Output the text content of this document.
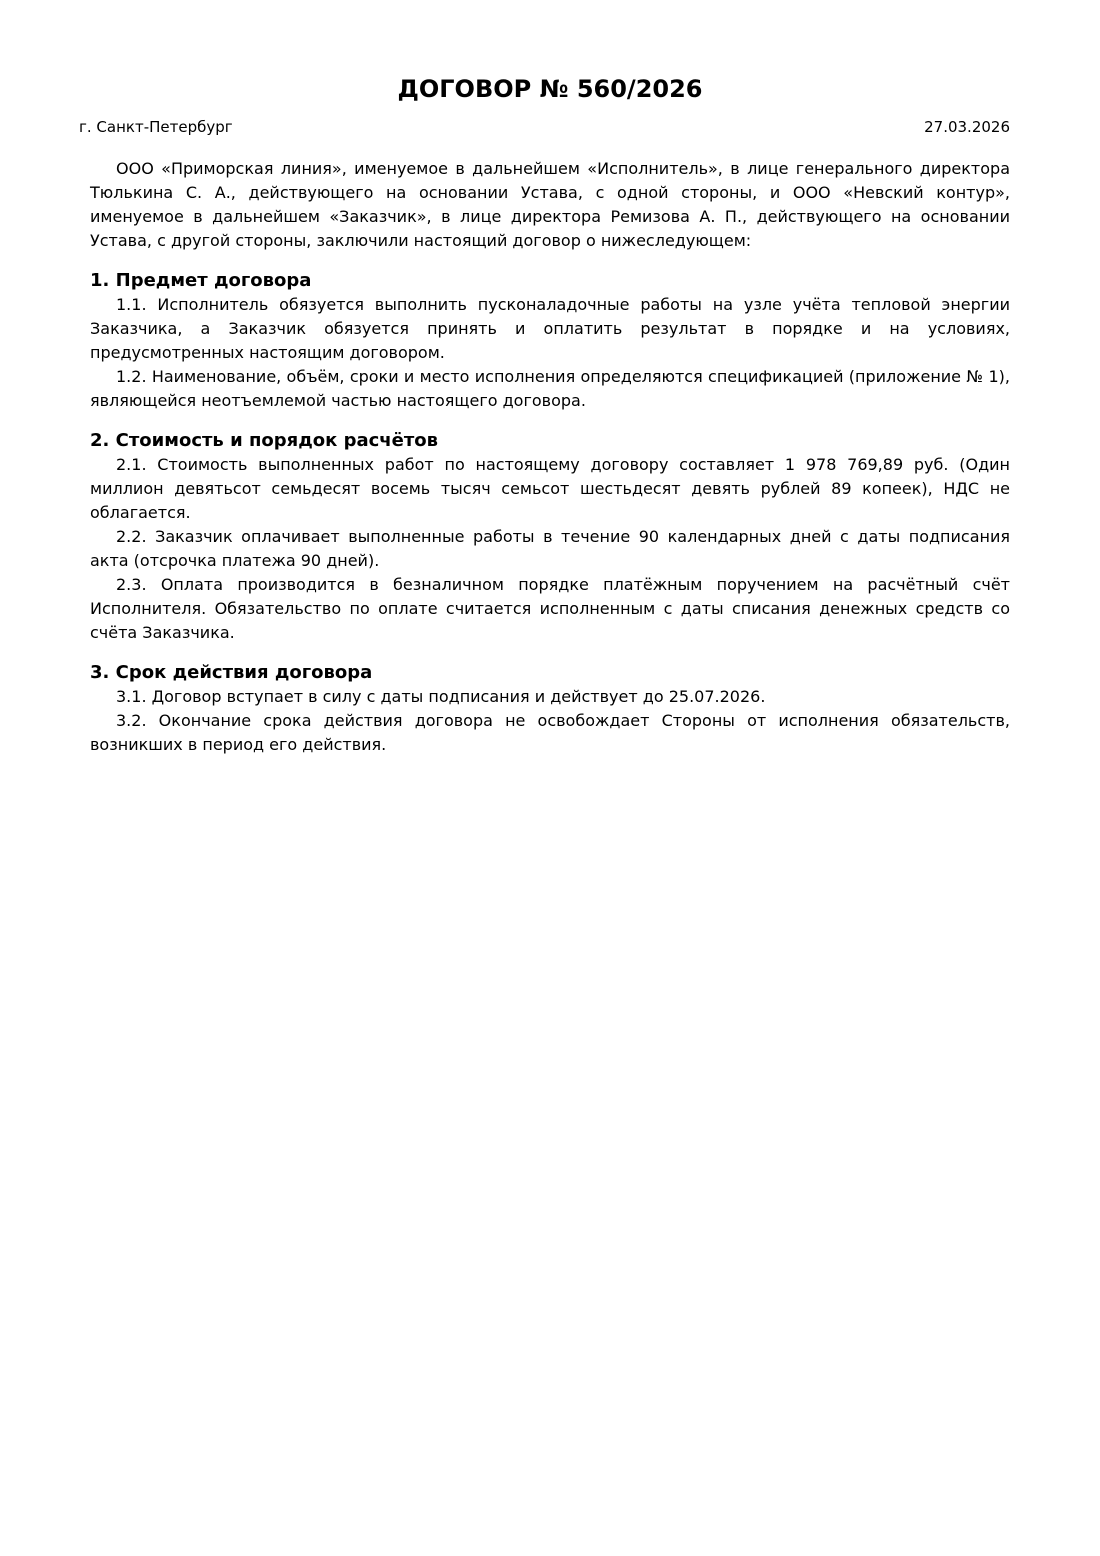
ДОГОВОР № 560/2026
г. Санкт-Петербург	27.03.2026

ООО «Приморская линия», именуемое в дальнейшем «Исполнитель», в лице генерального директора Тюлькина С. А., действующего на основании Устава, с одной стороны, и ООО «Невский контур», именуемое в дальнейшем «Заказчик», в лице директора Ремизова А. П., действующего на основании Устава, с другой стороны, заключили настоящий договор о нижеследующем:

1. Предмет договора

1.1. Исполнитель обязуется выполнить пусконаладочные работы на узле учёта тепловой энергии Заказчика, а Заказчик обязуется принять и оплатить результат в порядке и на условиях, предусмотренных настоящим договором.

1.2. Наименование, объём, сроки и место исполнения определяются спецификацией (приложение № 1), являющейся неотъемлемой частью настоящего договора.

2. Стоимость и порядок расчётов

2.1. Стоимость выполненных работ по настоящему договору составляет 1 978 769,89 руб. (Один миллион девятьсот семьдесят восемь тысяч семьсот шестьдесят девять рублей 89 копеек), НДС не облагается.

2.2. Заказчик оплачивает выполненные работы в течение 90 календарных дней с даты подписания акта (отсрочка платежа 90 дней).

2.3. Оплата производится в безналичном порядке платёжным поручением на расчётный счёт Исполнителя. Обязательство по оплате считается исполненным с даты списания денежных средств со счёта Заказчика.

3. Срок действия договора

3.1. Договор вступает в силу с даты подписания и действует до 25.07.2026.

3.2. Окончание срока действия договора не освобождает Стороны от исполнения обязательств, возникших в период его действия.
